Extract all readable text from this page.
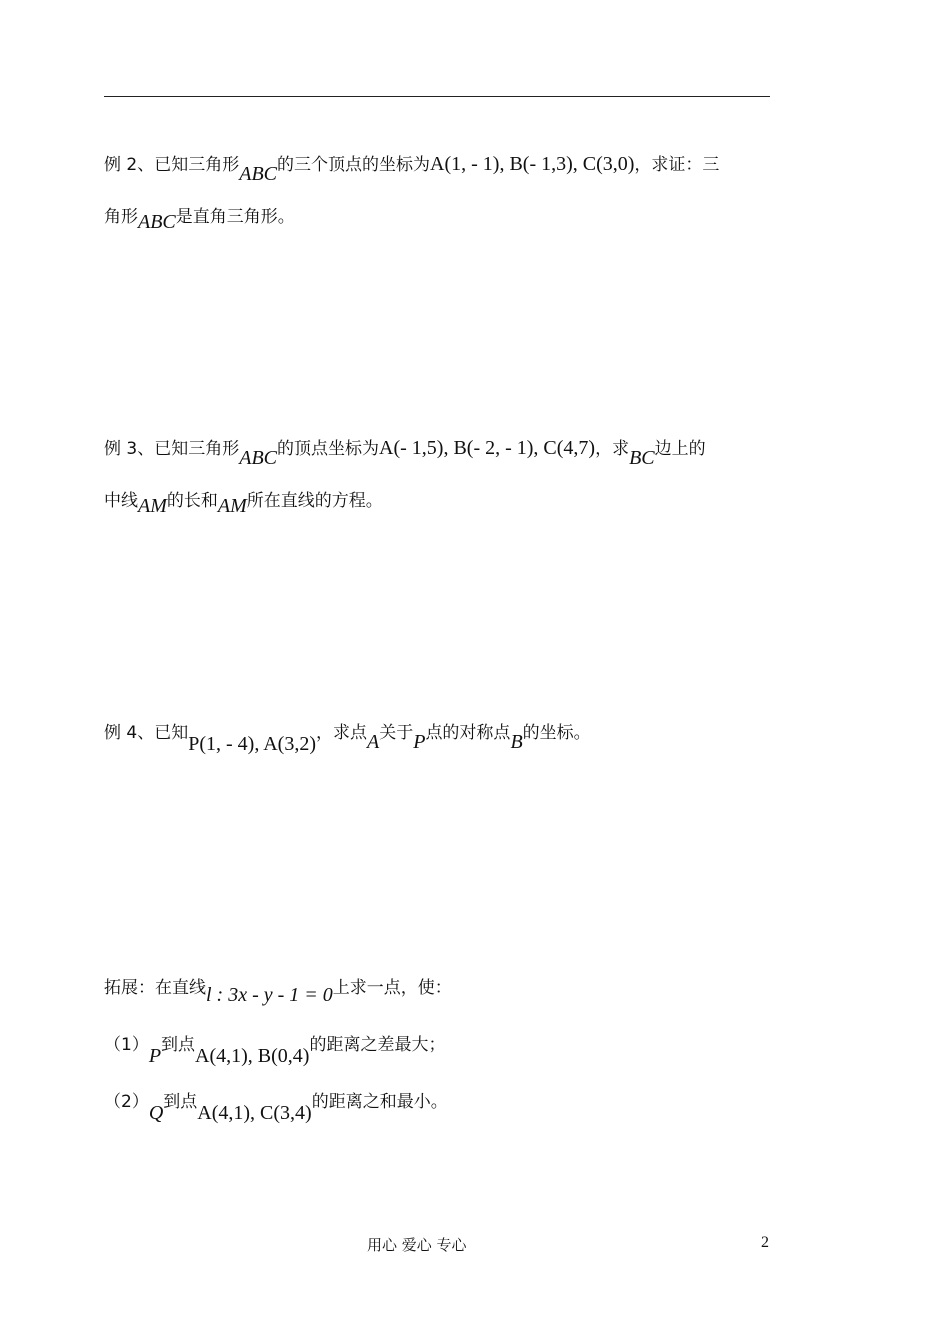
例 2、已知三角形ABC的三个顶点的坐标为A(1, - 1), B(- 1,3), C(3,0)，求证：三
角形ABC是直角三角形。
例 3、已知三角形ABC的顶点坐标为A(- 1,5), B(- 2, - 1), C(4,7)，求BC边上的
中线AM的长和AM所在直线的方程。
例 4、已知P(1, - 4), A(3,2)，求点A关于P点的对称点B的坐标。
拓展：在直线l : 3x - y - 1 = 0上求一点，使：
（1）P到点A(4,1), B(0,4)的距离之差最大；
（2）Q到点A(4,1), C(3,4)的距离之和最小。
用心 爱心 专心	2
